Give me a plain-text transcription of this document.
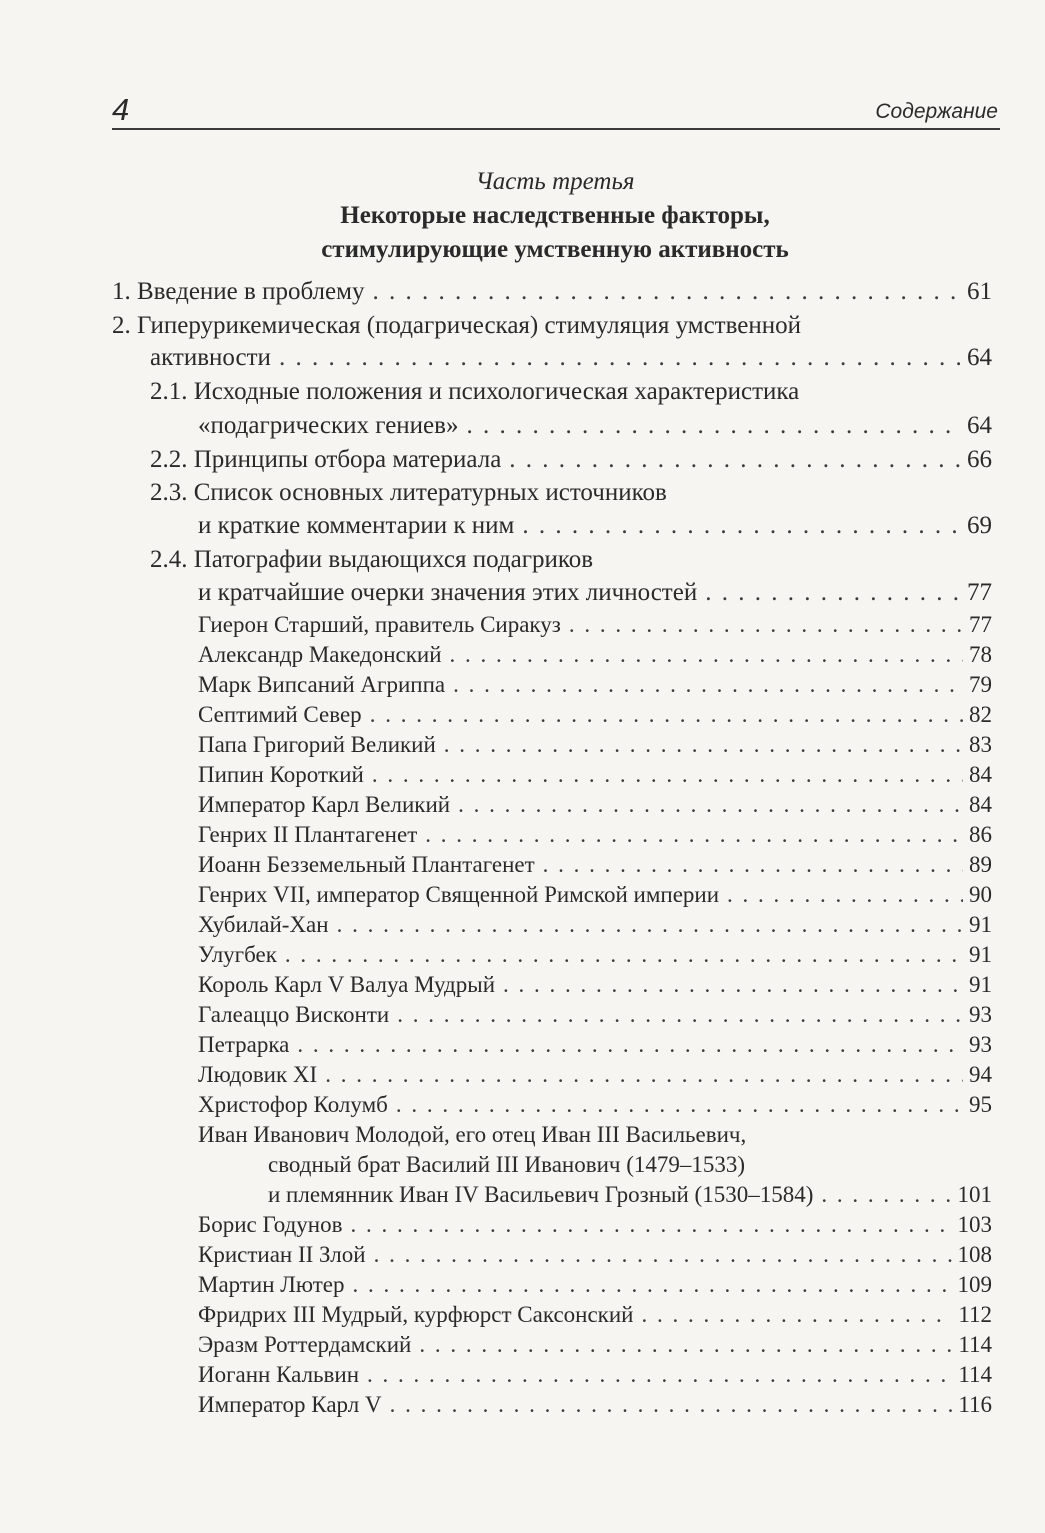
4	Содержание
Часть третья
Некоторые наследственные факторы,
стимулирующие умственную активность
1. Введение в проблему . . .	61
2. Гиперурикемическая (подагрическая) стимуляция умственной
активности . . .	64
2.1. Исходные положения и психологическая характеристика
«подагрических гениев» . . .	64
2.2. Принципы отбора материала . . .	66
2.3. Список основных литературных источников
и краткие комментарии к ним . . .	69
2.4. Патографии выдающихся подагриков
и кратчайшие очерки значения этих личностей . . .	77
Гиерон Старший, правитель Сиракуз . . .	77
Александр Македонский . . .	78
Марк Випсаний Агриппа . . .	79
Септимий Север . . .	82
Папа Григорий Великий . . .	83
Пипин Короткий . . .	84
Император Карл Великий . . .	84
Генрих II Плантагенет . . .	86
Иоанн Безземельный Плантагенет . . .	89
Генрих VII, император Священной Римской империи . . .	90
Хубилай-Хан . . .	91
Улугбек . . .	91
Король Карл V Валуа Мудрый . . .	91
Галеаццо Висконти . . .	93
Петрарка . . .	93
Людовик XI . . .	94
Христофор Колумб . . .	95
Иван Иванович Молодой, его отец Иван III Васильевич,
сводный брат Василий III Иванович (1479–1533)
и племянник Иван IV Васильевич Грозный (1530–1584) . . .	101
Борис Годунов . . .	103
Кристиан II Злой . . .	108
Мартин Лютер . . .	109
Фридрих III Мудрый, курфюрст Саксонский . . .	112
Эразм Роттердамский . . .	114
Иоганн Кальвин . . .	114
Император Карл V . . .	116
